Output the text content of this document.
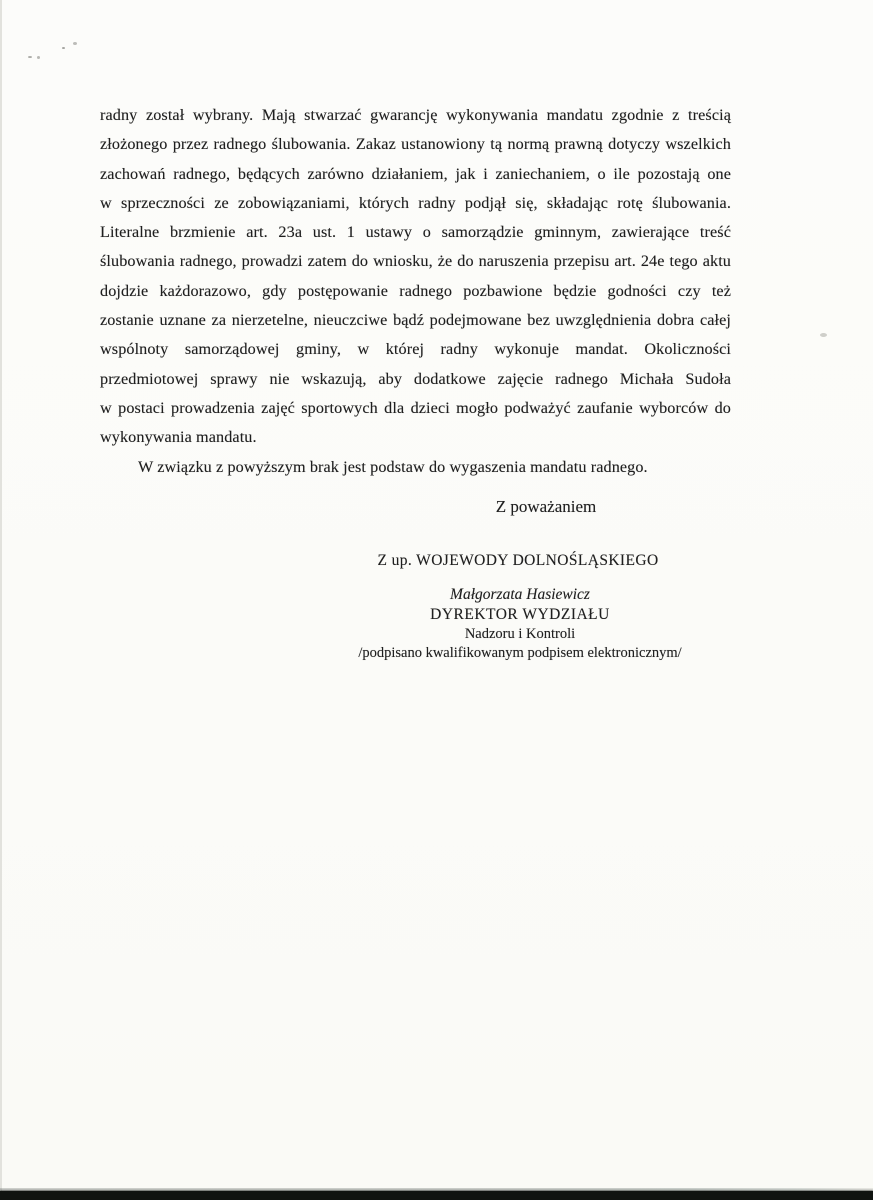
radny został wybrany. Mają stwarzać gwarancję wykonywania mandatu zgodnie z treścią
złożonego przez radnego ślubowania. Zakaz ustanowiony tą normą prawną dotyczy wszelkich
zachowań radnego, będących zarówno działaniem, jak i zaniechaniem, o ile pozostają one
w sprzeczności ze zobowiązaniami, których radny podjął się, składając rotę ślubowania.
Literalne brzmienie art. 23a ust. 1 ustawy o samorządzie gminnym, zawierające treść
ślubowania radnego, prowadzi zatem do wniosku, że do naruszenia przepisu art. 24e tego aktu
dojdzie każdorazowo, gdy postępowanie radnego pozbawione będzie godności czy też
zostanie uznane za nierzetelne, nieuczciwe bądź podejmowane bez uwzględnienia dobra całej
wspólnoty samorządowej gminy, w której radny wykonuje mandat. Okoliczności
przedmiotowej sprawy nie wskazują, aby dodatkowe zajęcie radnego Michała Sudoła
w postaci prowadzenia zajęć sportowych dla dzieci mogło podważyć zaufanie wyborców do
wykonywania mandatu.
W związku z powyższym brak jest podstaw do wygaszenia mandatu radnego.
Z poważaniem
Z up. WOJEWODY DOLNOŚLĄSKIEGO
Małgorzata Hasiewicz
DYREKTOR WYDZIAŁU
Nadzoru i Kontroli
/podpisano kwalifikowanym podpisem elektronicznym/
